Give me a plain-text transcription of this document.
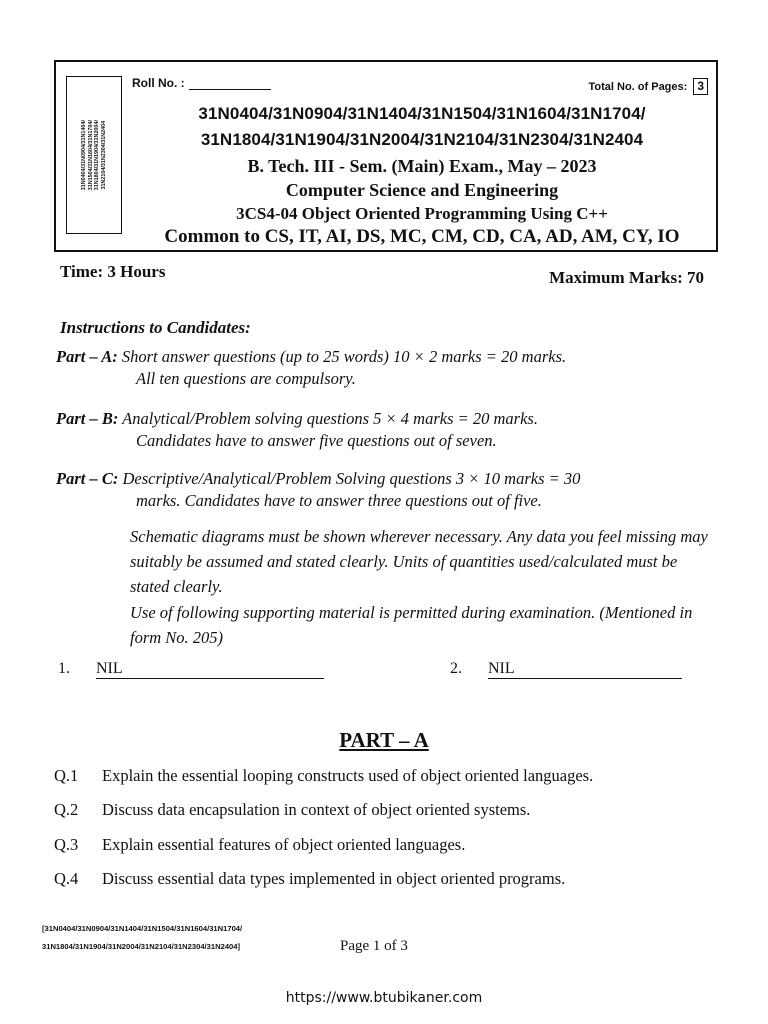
31N0404/31N0904/31N1404/ 31N1504/31N1604/31N1704/ 31N1804/31N1904/31N2004/ 31N2104/31N2304/31N2404
Roll No. :	Total No. of Pages: 3
31N0404/31N0904/31N1404/31N1504/31N1604/31N1704/
31N1804/31N1904/31N2004/31N2104/31N2304/31N2404
B. Tech. III - Sem. (Main) Exam., May – 2023
Computer Science and Engineering
3CS4-04 Object Oriented Programming Using C++
Common to CS, IT, AI, DS, MC, CM, CD, CA, AD, AM, CY, IO
Time: 3 Hours	Maximum Marks: 70
Instructions to Candidates:
Part – A: Short answer questions (up to 25 words) 10 × 2 marks = 20 marks.
All ten questions are compulsory.
Part – B: Analytical/Problem solving questions 5 × 4 marks = 20 marks.
Candidates have to answer five questions out of seven.
Part – C: Descriptive/Analytical/Problem Solving questions 3 × 10 marks = 30
marks. Candidates have to answer three questions out of five.
Schematic diagrams must be shown wherever necessary. Any data you feel missing may suitably be assumed and stated clearly. Units of quantities used/calculated must be stated clearly.
Use of following supporting material is permitted during examination. (Mentioned in form No. 205)
1. NIL	2. NIL
PART – A
Q.1	Explain the essential looping constructs used of object oriented languages.
Q.2	Discuss data encapsulation in context of object oriented systems.
Q.3	Explain essential features of object oriented languages.
Q.4	Discuss essential data types implemented in object oriented programs.
[31N0404/31N0904/31N1404/31N1504/31N1604/31N1704/
31N1804/31N1904/31N2004/31N2104/31N2304/31N2404]	Page 1 of 3
https://www.btubikaner.com
